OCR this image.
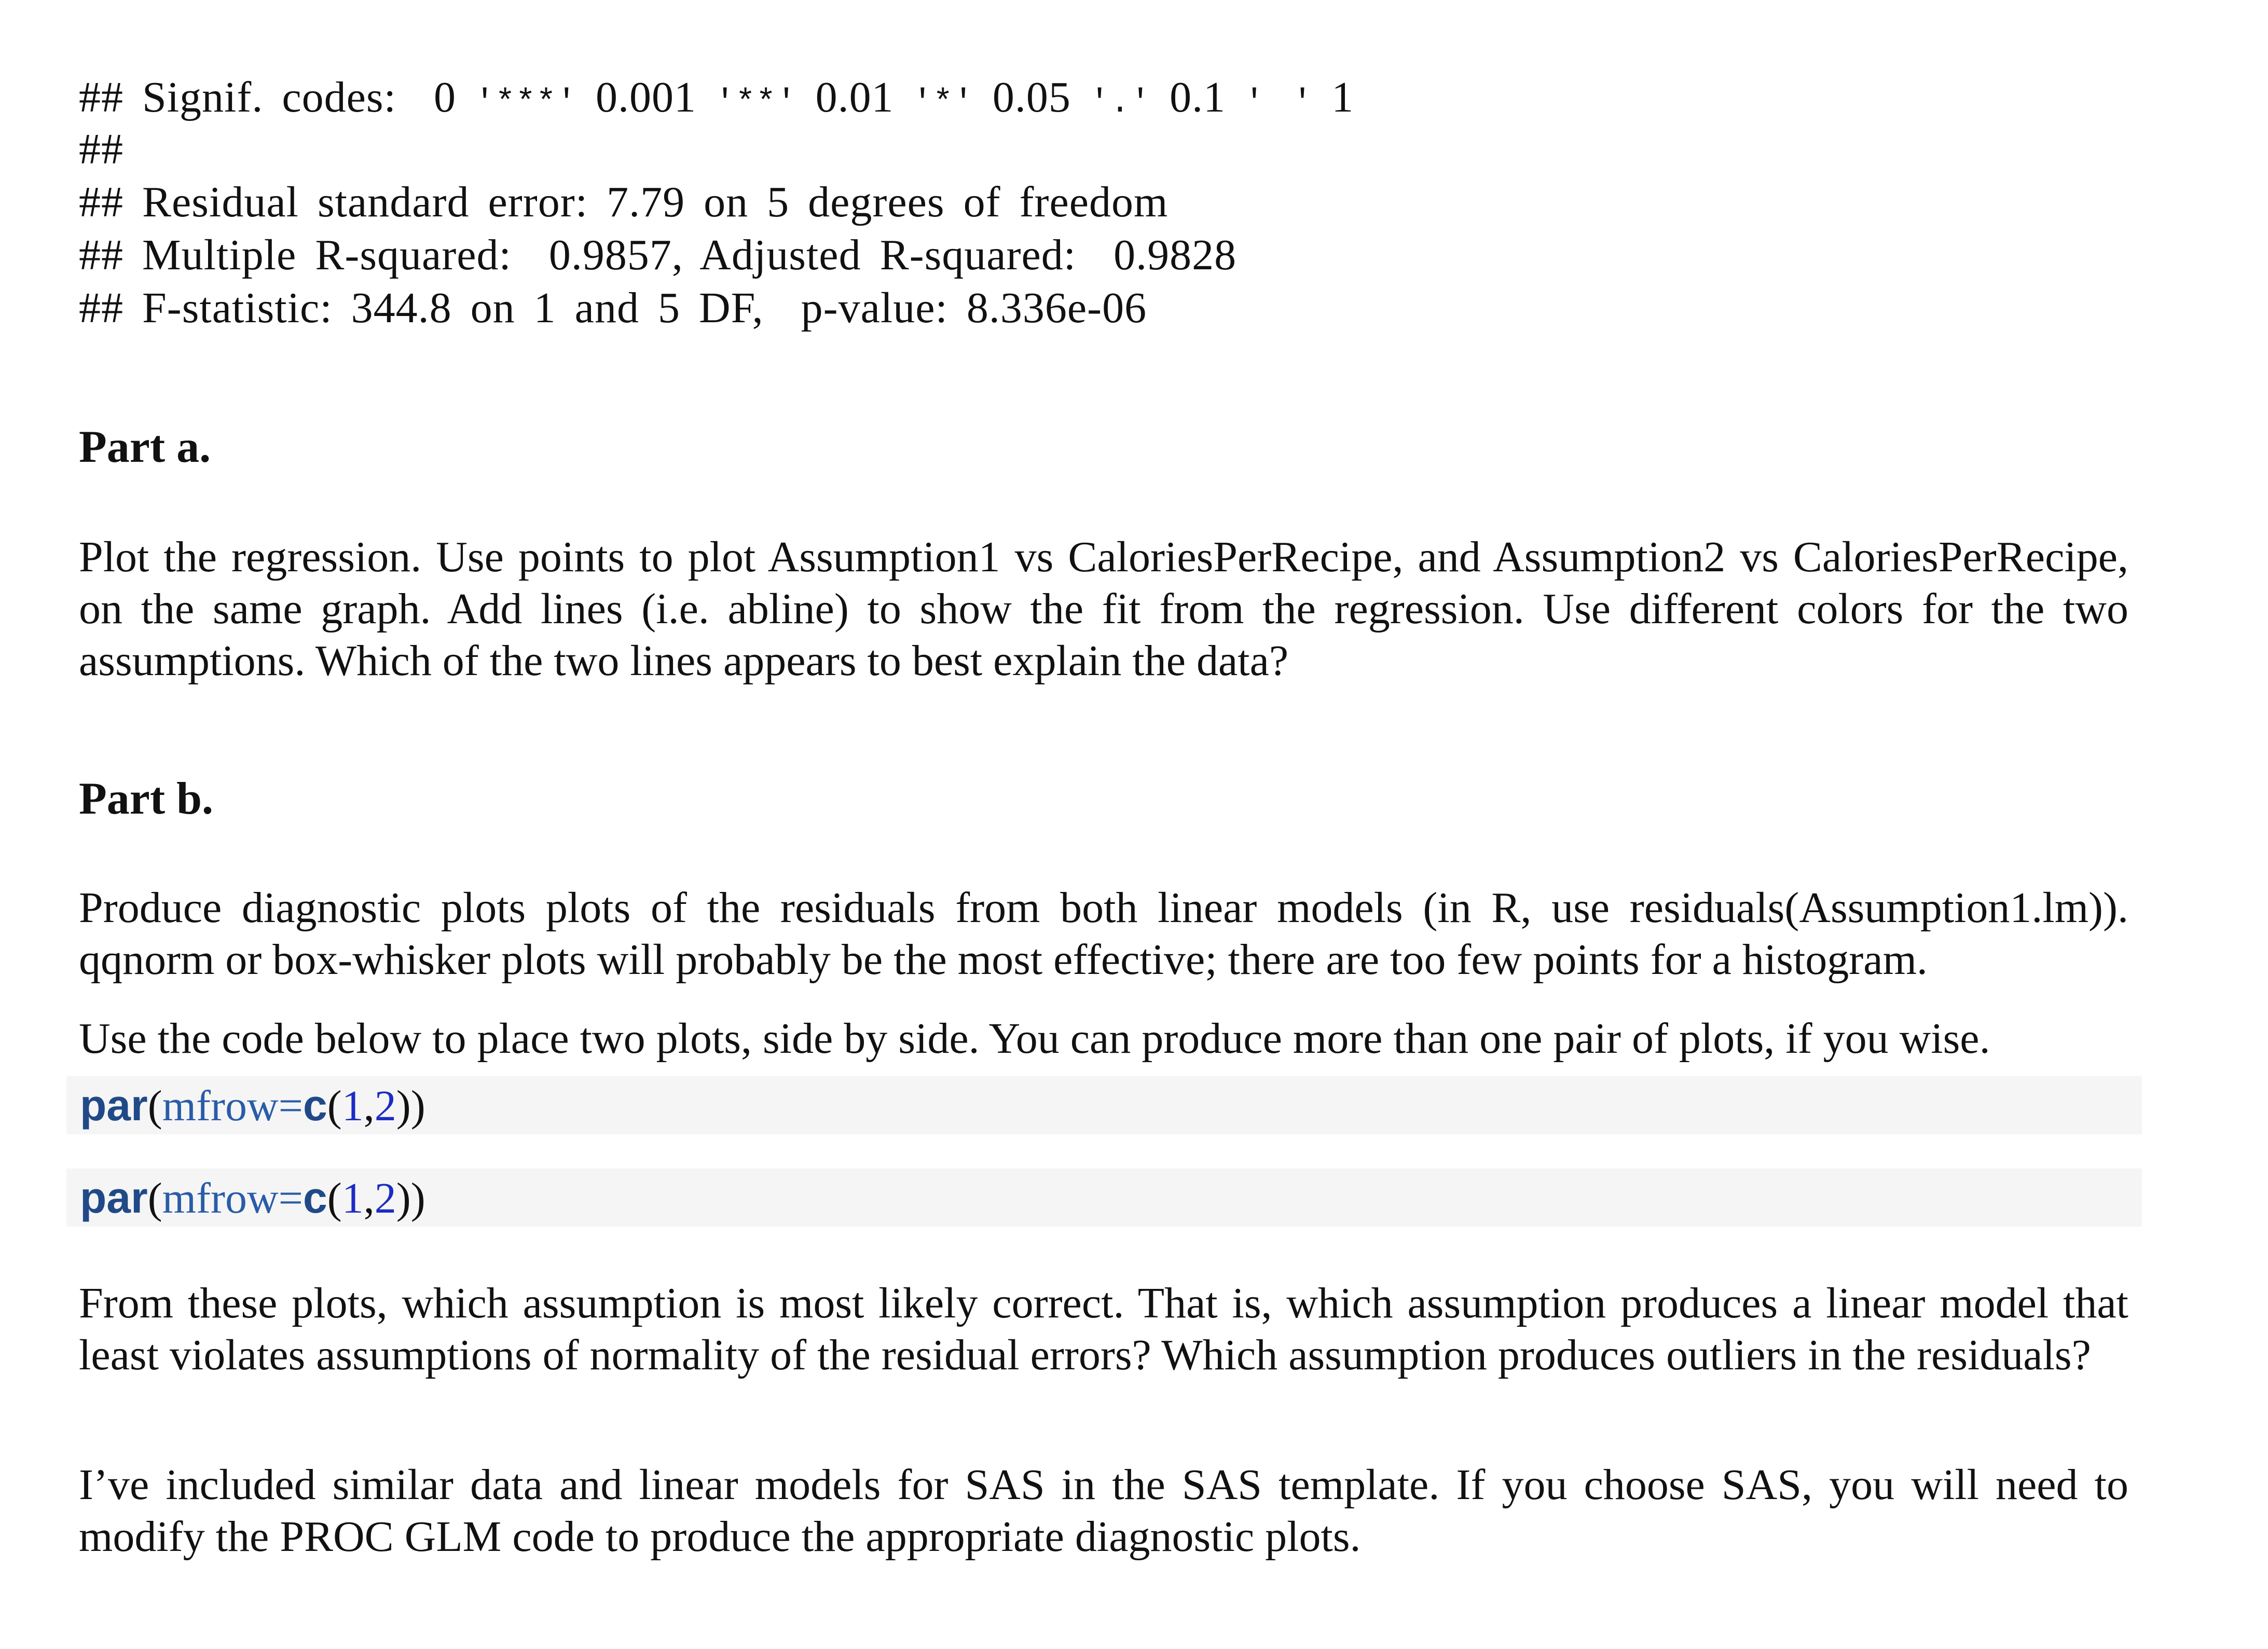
## Signif. codes:  0 '***' 0.001 '**' 0.01 '*' 0.05 '.' 0.1 ' ' 1

##

## Residual standard error: 7.79 on 5 degrees of freedom

## Multiple R-squared:  0.9857, Adjusted R-squared:  0.9828

## F-statistic: 344.8 on 1 and 5 DF,  p-value: 8.336e-06

Part a.

Plot the regression. Use points to plot Assumption1 vs CaloriesPerRecipe, and Assumption2 vs CaloriesPerRecipe, on the same graph. Add lines (i.e. abline) to show the fit from the regression. Use different colors for the two assumptions. Which of the two lines appears to best explain the data?

Part b.

Produce diagnostic plots plots of the residuals from both linear models (in R, use residuals(Assumption1.lm)). qqnorm or box-whisker plots will probably be the most effective; there are too few points for a histogram.

Use the code below to place two plots, side by side. You can produce more than one pair of plots, if you wise.

par(mfrow=c(1,2))
par(mfrow=c(1,2))

From these plots, which assumption is most likely correct. That is, which assumption produces a linear model that least violates assumptions of normality of the residual errors? Which assumption produces outliers in the residuals?

I’ve included similar data and linear models for SAS in the SAS template. If you choose SAS, you will need to modify the PROC GLM code to produce the appropriate diagnostic plots.
